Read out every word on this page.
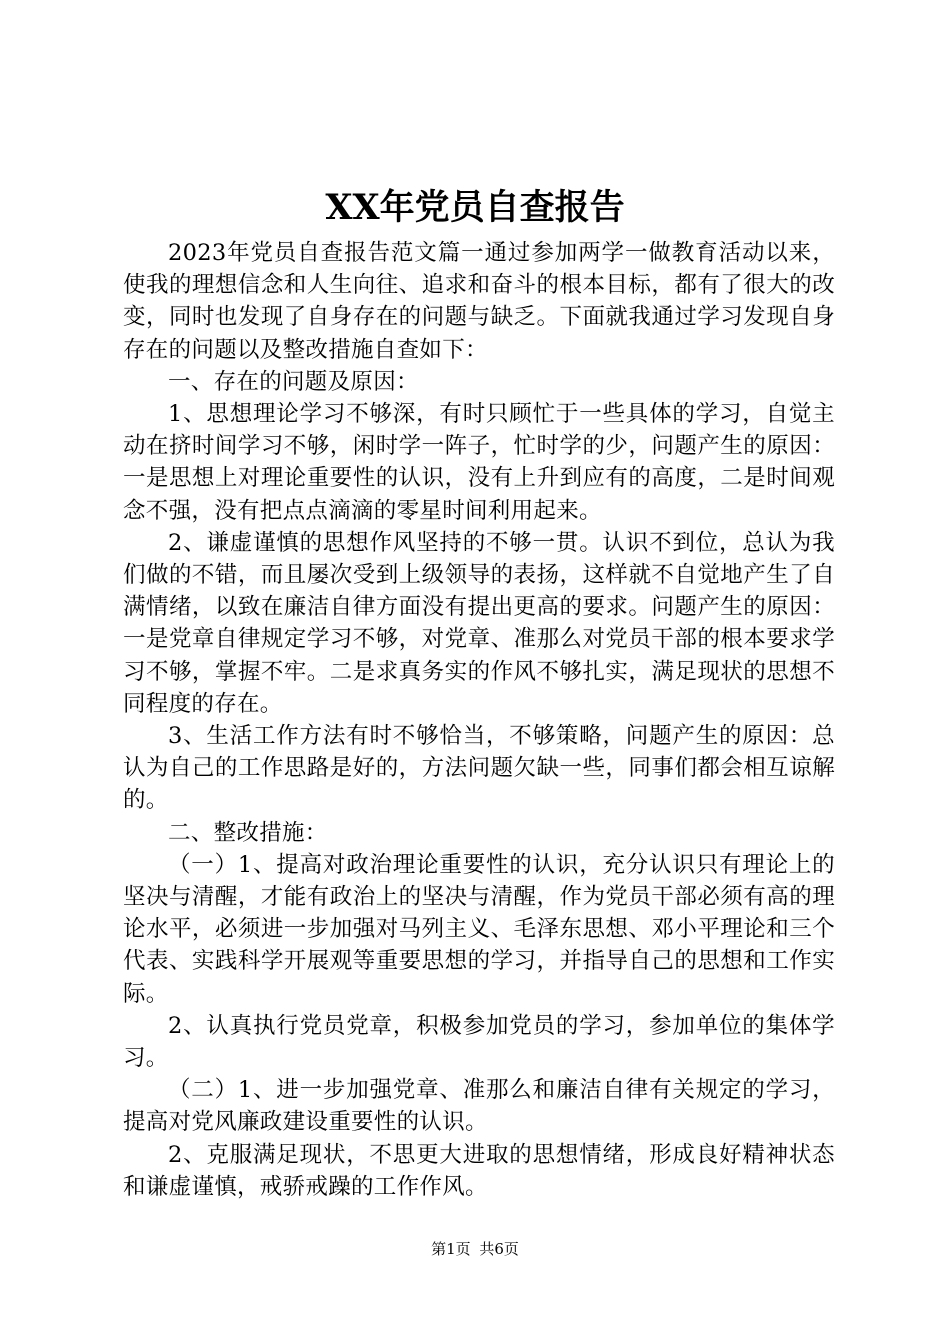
XX年党员自查报告

2023年党员自查报告范文篇一通过参加两学一做教育活动以来，使我的理想信念和人生向往、追求和奋斗的根本目标，都有了很大的改变，同时也发现了自身存在的问题与缺乏。下面就我通过学习发现自身存在的问题以及整改措施自查如下：

一、存在的问题及原因：

1、思想理论学习不够深，有时只顾忙于一些具体的学习，自觉主动在挤时间学习不够，闲时学一阵子，忙时学的少，问题产生的原因：一是思想上对理论重要性的认识，没有上升到应有的高度，二是时间观念不强，没有把点点滴滴的零星时间利用起来。

2、谦虚谨慎的思想作风坚持的不够一贯。认识不到位，总认为我们做的不错，而且屡次受到上级领导的表扬，这样就不自觉地产生了自满情绪，以致在廉洁自律方面没有提出更高的要求。问题产生的原因：一是党章自律规定学习不够，对党章、准那么对党员干部的根本要求学习不够，掌握不牢。二是求真务实的作风不够扎实，满足现状的思想不同程度的存在。

3、生活工作方法有时不够恰当，不够策略，问题产生的原因：总认为自己的工作思路是好的，方法问题欠缺一些，同事们都会相互谅解的。

二、整改措施：

（一）1、提高对政治理论重要性的认识，充分认识只有理论上的坚决与清醒，才能有政治上的坚决与清醒，作为党员干部必须有高的理论水平，必须进一步加强对马列主义、毛泽东思想、邓小平理论和三个代表、实践科学开展观等重要思想的学习，并指导自己的思想和工作实际。

2、认真执行党员党章，积极参加党员的学习，参加单位的集体学习。

（二）1、进一步加强党章、准那么和廉洁自律有关规定的学习，提高对党风廉政建设重要性的认识。

2、克服满足现状，不思更大进取的思想情绪，形成良好精神状态和谦虚谨慎，戒骄戒躁的工作作风。

第1页 共6页
